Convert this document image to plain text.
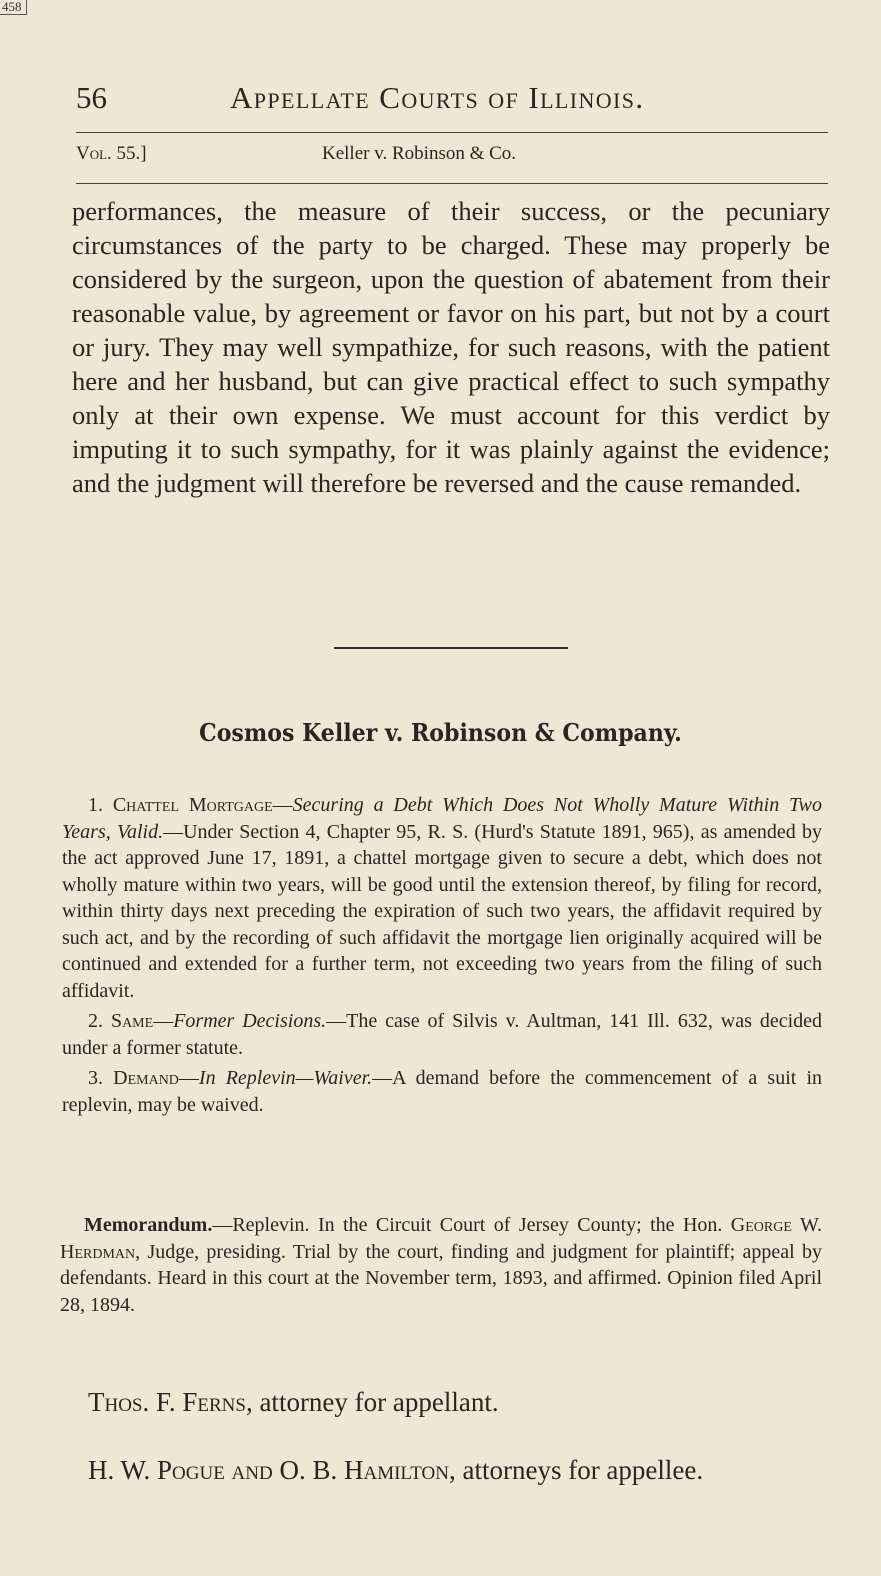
458
56	Appellate Courts of Illinois.
Vol. 55.]	Keller v. Robinson & Co.

performances, the measure of their success, or the pecuniary circumstances of the party to be charged. These may properly be considered by the surgeon, upon the question of abatement from their reasonable value, by agreement or favor on his part, but not by a court or jury. They may well sympathize, for such reasons, with the patient here and her husband, but can give practical effect to such sympathy only at their own expense. We must account for this verdict by imputing it to such sympathy, for it was plainly against the evidence; and the judgment will therefore be reversed and the cause remanded.

Cosmos Keller v. Robinson & Company.

1. Chattel Mortgage—Securing a Debt Which Does Not Wholly Mature Within Two Years, Valid.—Under Section 4, Chapter 95, R. S. (Hurd's Statute 1891, 965), as amended by the act approved June 17, 1891, a chattel mortgage given to secure a debt, which does not wholly mature within two years, will be good until the extension thereof, by filing for record, within thirty days next preceding the expiration of such two years, the affidavit required by such act, and by the recording of such affidavit the mortgage lien originally acquired will be continued and extended for a further term, not exceeding two years from the filing of such affidavit.

2. Same—Former Decisions.—The case of Silvis v. Aultman, 141 Ill. 632, was decided under a former statute.

3. Demand—In Replevin—Waiver.—A demand before the commencement of a suit in replevin, may be waived.

Memorandum.—Replevin. In the Circuit Court of Jersey County; the Hon. George W. Herdman, Judge, presiding. Trial by the court, finding and judgment for plaintiff; appeal by defendants. Heard in this court at the November term, 1893, and affirmed. Opinion filed April 28, 1894.

Thos. F. Ferns, attorney for appellant.
H. W. Pogue and O. B. Hamilton, attorneys for appellee.
